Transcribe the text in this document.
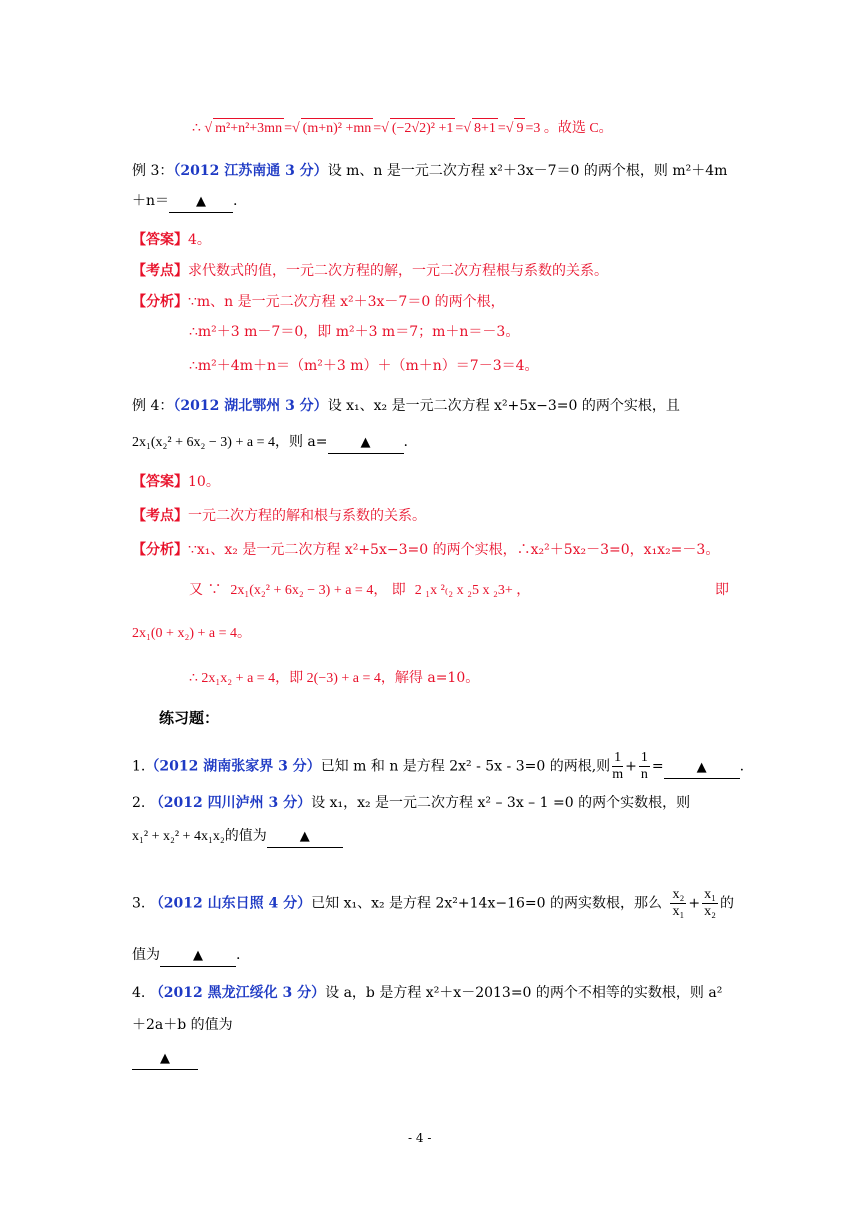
∴ √ m²+n²+3mn =√ (m+n)² +mn =√ (−2√2)² +1 =√ 8+1 =√ 9 =3 。故选 C。
例 3：（2012 江苏南通 3 分）设 m、n 是一元二次方程 x²＋3x－7＝0 的两个根，则 m²＋4m
＋n＝ ▲ .
【答案】4。
【考点】求代数式的值，一元二次方程的解，一元二次方程根与系数的关系。
【分析】∵m、n 是一元二次方程 x²＋3x－7＝0 的两个根，
∴m²＋3 m－7＝0，即 m²＋3 m＝7；m＋n＝－3。
∴m²＋4m＋n＝（m²＋3 m）＋（m＋n）＝7－3＝4。
例 4：（2012 湖北鄂州 3 分）设 x₁、x₂ 是一元二次方程 x²+5x−3=0 的两个实根，且
2x₁(x₂² + 6x₂ − 3) + a = 4，则 a=	▲ .
【答案】10。
【考点】一元二次方程的解和根与系数的关系。
【分析】∵x₁、x₂ 是一元二次方程 x²+5x−3=0 的两个实根，∴x₂²＋5x₂－3=0，x₁x₂=－3。
又 ∵ 2x₁(x₂² + 6x₂ − 3) + a = 4， 即 2 ₁x ²₍₂ x ₂5 x ₂3+ ，	即
2x₁(0 + x₂) + a = 4。
∴ 2x₁x₂ + a = 4，即 2(−3) + a = 4，解得 a=10。
练习题：
1.（2012 湖南张家界 3 分）已知 m 和 n 是方程 2x² - 5x - 3=0 的两根,则 $\frac{1}{m} + \frac{1}{n}$ =	▲ .
2. （2012 四川泸州 3 分）设 x₁，x₂ 是一元二次方程 x² – 3x – 1 =0 的两个实数根，则
x₁² + x₂² + 4x₁x₂的值为	▲
3. （2012 山东日照 4 分）已知 x₁、x₂ 是方程 2x²+14x−16=0 的两实数根，那么 $\frac{\text{x₂}}{\text{x₁}} + \frac{\text{x₁}}{\text{x₂}}$ 的
值为	▲ .
4. （2012 黑龙江绥化 3 分）设 a，b 是方程 x²＋x－2013=0 的两个不相等的实数根，则 a²
＋2a＋b 的值为
▲
- 4 -
